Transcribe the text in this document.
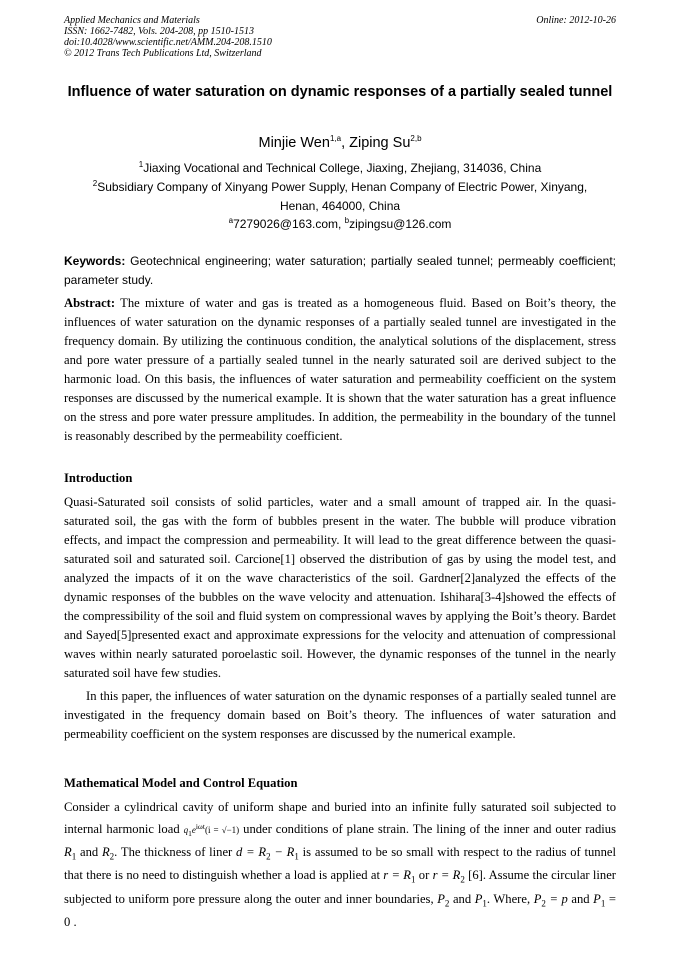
Applied Mechanics and Materials
ISSN: 1662-7482, Vols. 204-208, pp 1510-1513
doi:10.4028/www.scientific.net/AMM.204-208.1510
© 2012 Trans Tech Publications Ltd, Switzerland
Online: 2012-10-26
Influence of water saturation on dynamic responses of a partially sealed tunnel
Minjie Wen$^{1,a}$, Ziping Su$^{2,b}$
$^1$Jiaxing Vocational and Technical College, Jiaxing, Zhejiang, 314036, China
$^2$Subsidiary Company of Xinyang Power Supply, Henan Company of Electric Power, Xinyang,
Henan, 464000, China
$^a$7279026@163.com, $^b$zipingsu@126.com
Keywords: Geotechnical engineering; water saturation; partially sealed tunnel; permeably coefficient; parameter study.
Abstract: The mixture of water and gas is treated as a homogeneous fluid. Based on Boit’s theory, the influences of water saturation on the dynamic responses of a partially sealed tunnel are investigated in the frequency domain. By utilizing the continuous condition, the analytical solutions of the displacement, stress and pore water pressure of a partially sealed tunnel in the nearly saturated soil are derived subject to the harmonic load. On this basis, the influences of water saturation and permeability coefficient on the system responses are discussed by the numerical example. It is shown that the water saturation has a great influence on the stress and pore water pressure amplitudes. In addition, the permeability in the boundary of the tunnel is reasonably described by the permeability coefficient.
Introduction
Quasi-Saturated soil consists of solid particles, water and a small amount of trapped air. In the quasi-saturated soil, the gas with the form of bubbles present in the water. The bubble will produce vibration effects, and impact the compression and permeability. It will lead to the great difference between the quasi-saturated soil and saturated soil. Carcione[1] observed the distribution of gas by using the model test, and analyzed the impacts of it on the wave characteristics of the soil. Gardner[2]analyzed the effects of the dynamic responses of the bubbles on the wave velocity and attenuation. Ishihara[3-4]showed the effects of the compressibility of the soil and fluid system on compressional waves by applying the Boit’s theory. Bardet and Sayed[5]presented exact and approximate expressions for the velocity and attenuation of compressional waves within nearly saturated poroelastic soil. However, the dynamic responses of the tunnel in the nearly saturated soil have few studies.
In this paper, the influences of water saturation on the dynamic responses of a partially sealed tunnel are investigated in the frequency domain based on Boit’s theory. The influences of water saturation and permeability coefficient on the system responses are discussed by the numerical example.
Mathematical Model and Control Equation
Consider a cylindrical cavity of uniform shape and buried into an infinite fully saturated soil subjected to internal harmonic load $q_1e^{i\omega t}(i = √-1)$ under conditions of plane strain. The lining of the inner and outer radius $R_1$ and $R_2$. The thickness of liner $d = R_2 - R_1$ is assumed to be so small with respect to the radius of tunnel that there is no need to distinguish whether a load is applied at $r = R_1$ or $r = R_2$ [6]. Assume the circular liner subjected to uniform pore pressure along the outer and inner boundaries, $P_2$ and $P_1$. Where, $P_2 = p$ and $P_1 = 0$ .
